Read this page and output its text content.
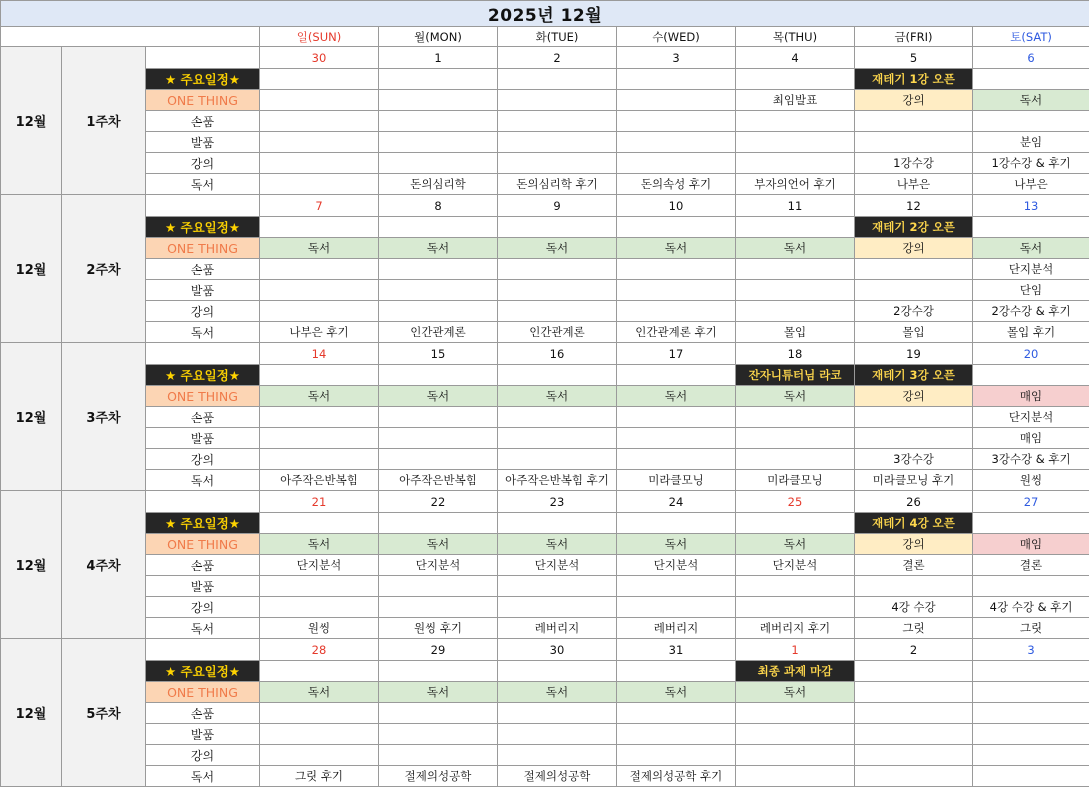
2025년 12월									
			일(SUN)	월(MON)	화(TUE)	수(WED)	목(THU)	금(FRI)	토(SAT)
12월	1주차		30	1	2	3	4	5	6
		★ 주요일정★						재테기 1강 오픈	
		ONE THING					최임발표	강의	독서
		손품							
		발품							분임
		강의						1강수강	1강수강 & 후기
		독서		돈의심리학	돈의심리학 후기	돈의속성 후기	부자의언어 후기	나부은	나부은
12월	2주차		7	8	9	10	11	12	13
		★ 주요일정★						재테기 2강 오픈	
		ONE THING	독서	독서	독서	독서	독서	강의	독서
		손품							단지분석
		발품							단임
		강의						2강수강	2강수강 & 후기
		독서	나부은 후기	인간관계론	인간관계론	인간관계론 후기	몰입	몰입	몰입 후기
12월	3주차		14	15	16	17	18	19	20
		★ 주요일정★					잔자니튜터님 라코	재테기 3강 오픈	
		ONE THING	독서	독서	독서	독서	독서	강의	매임
		손품							단지분석
		발품							매임
		강의						3강수강	3강수강 & 후기
		독서	아주작은반복힘	아주작은반복힘	아주작은반복힘 후기	미라클모닝	미라클모닝	미라클모닝 후기	원씽
12월	4주차		21	22	23	24	25	26	27
		★ 주요일정★						재테기 4강 오픈	
		ONE THING	독서	독서	독서	독서	독서	강의	매임
		손품	단지분석	단지분석	단지분석	단지분석	단지분석	결론	결론
		발품							
		강의						4강 수강	4강 수강 & 후기
		독서	원씽	원씽 후기	레버리지	레버리지	레버리지 후기	그릿	그릿
12월	5주차		28	29	30	31	1	2	3
		★ 주요일정★					최종 과제 마감		
		ONE THING	독서	독서	독서	독서	독서		
		손품							
		발품							
		강의							
		독서	그릿 후기	절제의성공학	절제의성공학	절제의성공학 후기			
